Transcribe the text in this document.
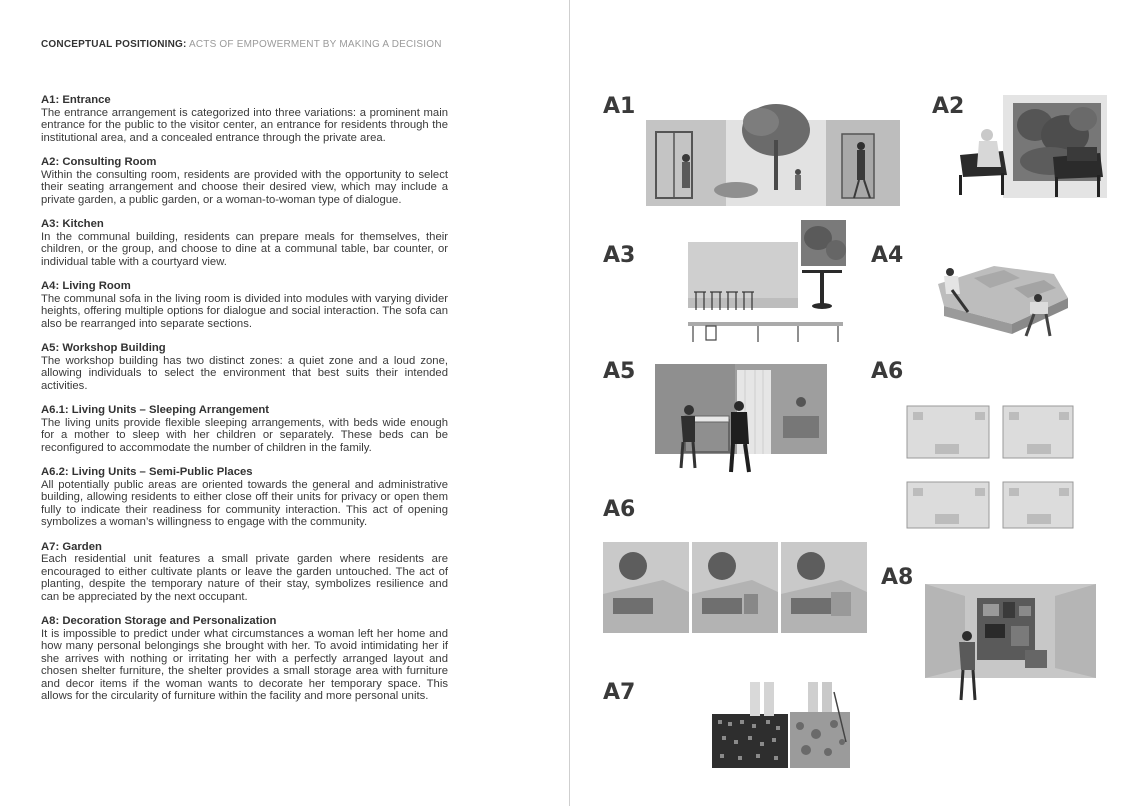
CONCEPTUAL POSITIONING: ACTS OF EMPOWERMENT BY MAKING A DECISION
A1: Entrance

The entrance arrangement is categorized into three variations: a prominent main entrance for the public to the visitor center, an entrance for residents through the institutional area, and a concealed entrance through the private area.

A2: Consulting Room

Within the consulting room, residents are provided with the opportunity to select their seating arrangement and choose their desired view, which may include a private garden, a public garden, or a woman-to-woman type of dialogue.

A3: Kitchen

In the communal building, residents can prepare meals for themselves, their children, or the group, and choose to dine at a communal table, bar counter, or individual table with a courtyard view.

A4: Living Room

The communal sofa in the living room is divided into modules with varying divider heights, offering multiple options for dialogue and social interaction. The sofa can also be rearranged into separate sections.

A5: Workshop Building

The workshop building has two distinct zones: a quiet zone and a loud zone, allowing individuals to select the environment that best suits their intended activities.

A6.1: Living Units – Sleeping Arrangement

The living units provide flexible sleeping arrangements, with beds wide enough for a mother to sleep with her children or separately. These beds can be reconfigured to accommodate the number of children in the family.

A6.2: Living Units – Semi-Public Places

All potentially public areas are oriented towards the general and administrative building, allowing residents to either close off their units for privacy or open them fully to indicate their readiness for community interaction. This act of opening symbolizes a woman’s willingness to engage with the community.

A7: Garden

Each residential unit features a small private garden where residents are encouraged to either cultivate plants or leave the garden untouched. The act of planting, despite the temporary nature of their stay, symbolizes resilience and can be appreciated by the next occupant.

A8: Decoration Storage and Personalization

It is impossible to predict under what circumstances a woman left her home and how many personal belongings she brought with her. To avoid intimidating her if she arrives with nothing or irritating her with a perfectly arranged layout and chosen shelter furniture, the shelter provides a small storage area with furniture and decor items if the woman wants to decorate her temporary space. This allows for the circularity of furniture within the facility and more personal units.

A1	A2
A3	A4
A5	A6
A6
A7
A8
